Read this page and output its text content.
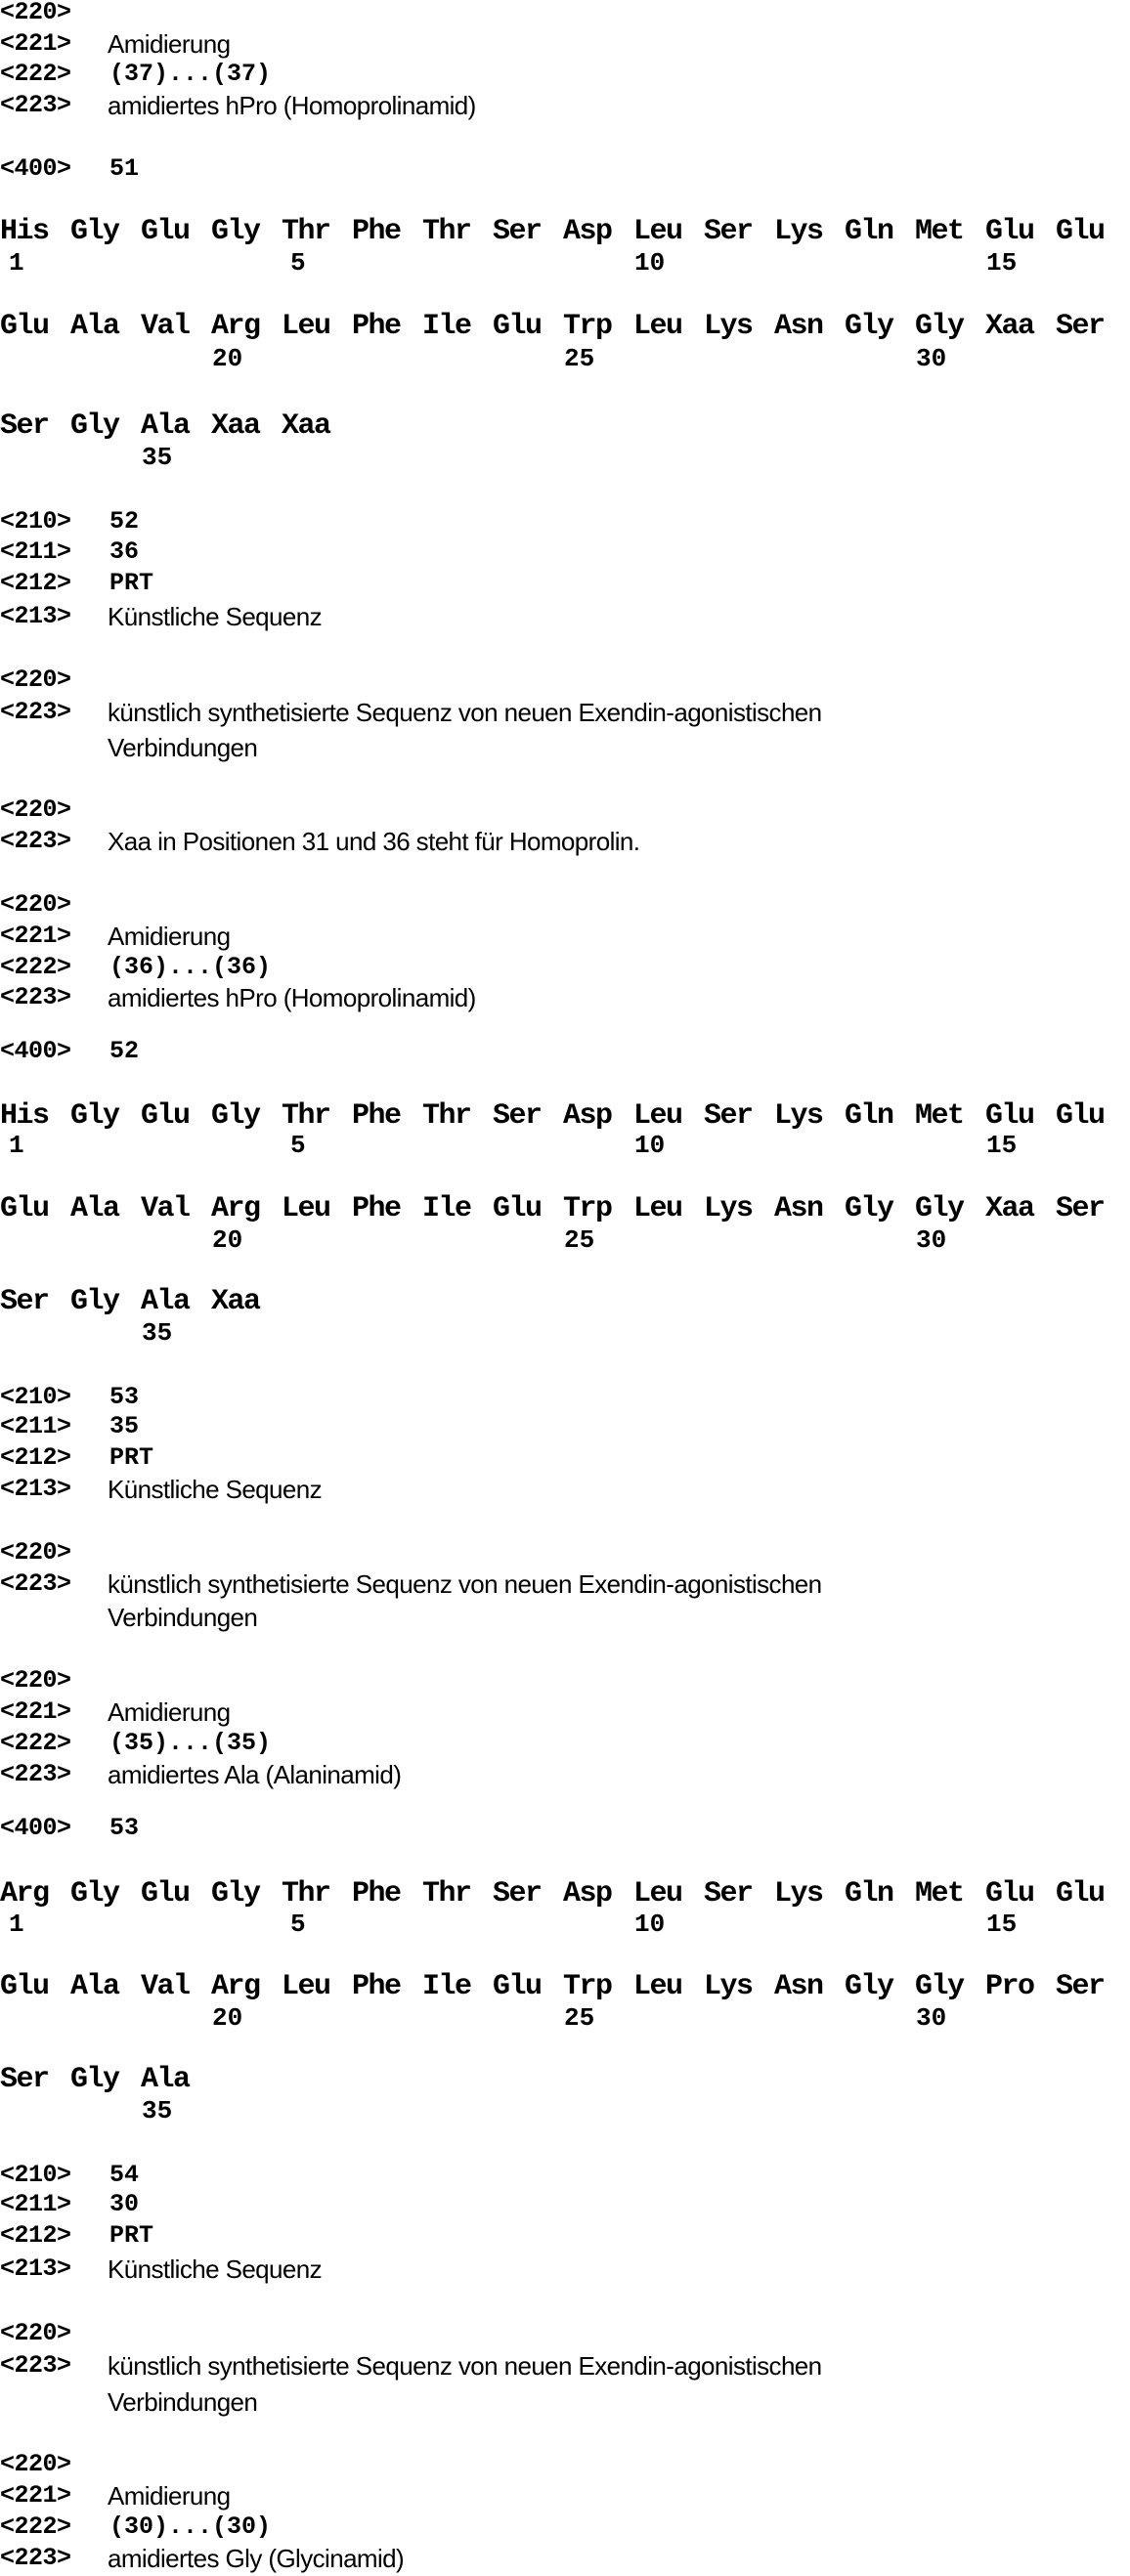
<220>
<221> Amidierung
<222> (37)...(37)
<223> amidiertes hPro (Homoprolinamid)
<400> 51
His Gly Glu Gly Thr Phe Thr Ser Asp Leu Ser Lys Gln Met Glu Glu
1	5	10	15
Glu Ala Val Arg Leu Phe Ile Glu Trp Leu Lys Asn Gly Gly Xaa Ser
20	25	30
Ser Gly Ala Xaa Xaa
35
<210> 52
<211> 36
<212> PRT
<213> Künstliche Sequenz
<220>
<223> künstlich synthetisierte Sequenz von neuen Exendin-agonistischen
Verbindungen
<220>
<223> Xaa in Positionen 31 und 36 steht für Homoprolin.
<220>
<221> Amidierung
<222> (36)...(36)
<223> amidiertes hPro (Homoprolinamid)
<400> 52
His Gly Glu Gly Thr Phe Thr Ser Asp Leu Ser Lys Gln Met Glu Glu
1	5	10	15
Glu Ala Val Arg Leu Phe Ile Glu Trp Leu Lys Asn Gly Gly Xaa Ser
20	25	30
Ser Gly Ala Xaa
35
<210> 53
<211> 35
<212> PRT
<213> Künstliche Sequenz
<220>
<223> künstlich synthetisierte Sequenz von neuen Exendin-agonistischen
Verbindungen
<220>
<221> Amidierung
<222> (35)...(35)
<223> amidiertes Ala (Alaninamid)
<400> 53
Arg Gly Glu Gly Thr Phe Thr Ser Asp Leu Ser Lys Gln Met Glu Glu
1	5	10	15
Glu Ala Val Arg Leu Phe Ile Glu Trp Leu Lys Asn Gly Gly Pro Ser
20	25	30
Ser Gly Ala
35
<210> 54
<211> 30
<212> PRT
<213> Künstliche Sequenz
<220>
<223> künstlich synthetisierte Sequenz von neuen Exendin-agonistischen
Verbindungen
<220>
<221> Amidierung
<222> (30)...(30)
<223> amidiertes Gly (Glycinamid)
